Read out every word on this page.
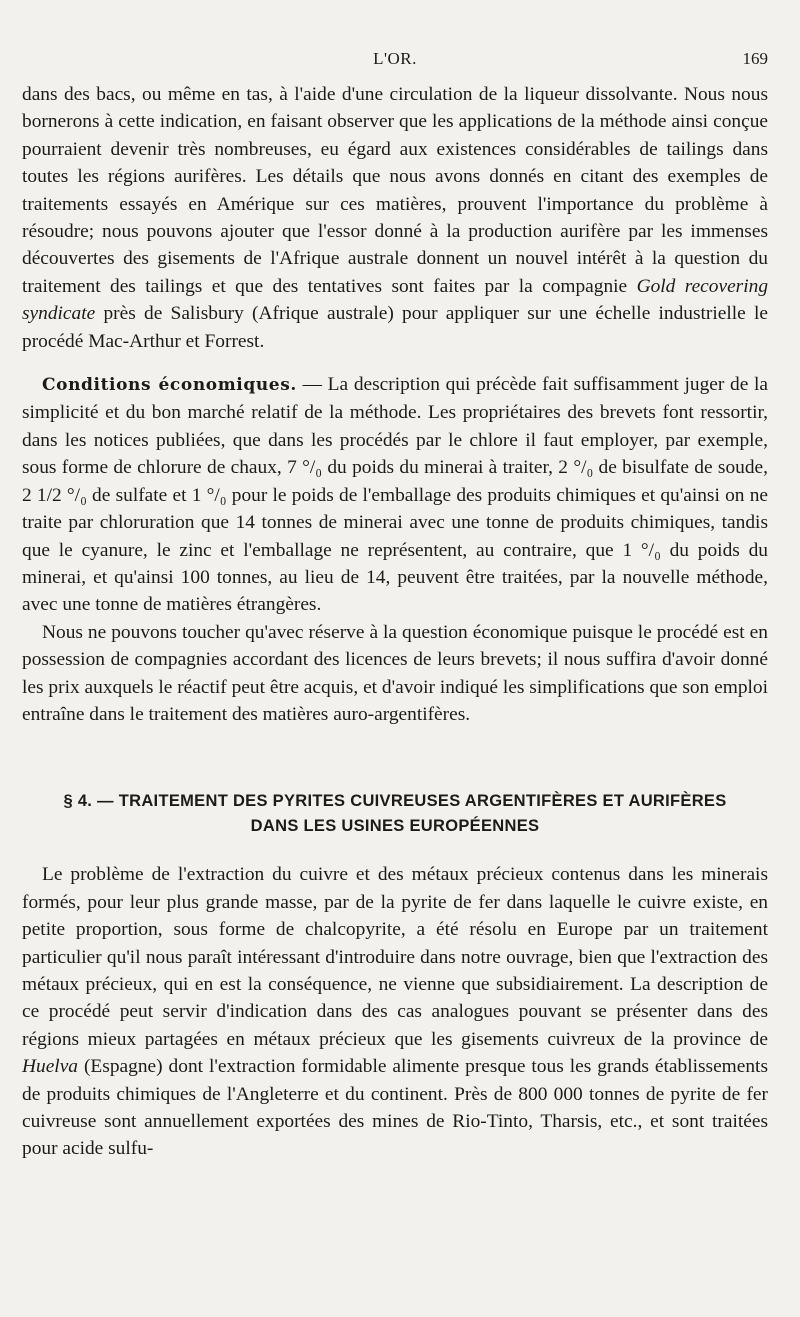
L'OR.	169

dans des bacs, ou même en tas, à l'aide d'une circulation de la liqueur dissolvante. Nous nous bornerons à cette indication, en faisant observer que les applications de la méthode ainsi conçue pourraient devenir très nombreuses, eu égard aux existences considérables de tailings dans toutes les régions aurifères. Les détails que nous avons donnés en citant des exemples de traitements essayés en Amérique sur ces matières, prouvent l'importance du problème à résoudre; nous pouvons ajouter que l'essor donné à la production aurifère par les immenses découvertes des gisements de l'Afrique australe donnent un nouvel intérêt à la question du traitement des tailings et que des tentatives sont faites par la compagnie Gold recovering syndicate près de Salisbury (Afrique australe) pour appliquer sur une échelle industrielle le procédé Mac-Arthur et Forrest.

Conditions économiques. — La description qui précède fait suffisamment juger de la simplicité et du bon marché relatif de la méthode. Les propriétaires des brevets font ressortir, dans les notices publiées, que dans les procédés par le chlore il faut employer, par exemple, sous forme de chlorure de chaux, 7 °/₀ du poids du minerai à traiter, 2 °/₀ de bisulfate de soude, 2 1/2 °/₀ de sulfate et 1 °/₀ pour le poids de l'emballage des produits chimiques et qu'ainsi on ne traite par chloruration que 14 tonnes de minerai avec une tonne de produits chimiques, tandis que le cyanure, le zinc et l'emballage ne représentent, au contraire, que 1 °/₀ du poids du minerai, et qu'ainsi 100 tonnes, au lieu de 14, peuvent être traitées, par la nouvelle méthode, avec une tonne de matières étrangères.

Nous ne pouvons toucher qu'avec réserve à la question économique puisque le procédé est en possession de compagnies accordant des licences de leurs brevets; il nous suffira d'avoir donné les prix auxquels le réactif peut être acquis, et d'avoir indiqué les simplifications que son emploi entraîne dans le traitement des matières auro-argentifères.

§ 4. — TRAITEMENT DES PYRITES CUIVREUSES ARGENTIFÈRES ET AURIFÈRES
DANS LES USINES EUROPÉENNES

Le problème de l'extraction du cuivre et des métaux précieux contenus dans les minerais formés, pour leur plus grande masse, par de la pyrite de fer dans laquelle le cuivre existe, en petite proportion, sous forme de chalcopyrite, a été résolu en Europe par un traitement particulier qu'il nous paraît intéressant d'introduire dans notre ouvrage, bien que l'extraction des métaux précieux, qui en est la conséquence, ne vienne que subsidiairement. La description de ce procédé peut servir d'indication dans des cas analogues pouvant se présenter dans des régions mieux partagées en métaux précieux que les gisements cuivreux de la province de Huelva (Espagne) dont l'extraction formidable alimente presque tous les grands établissements de produits chimiques de l'Angleterre et du continent. Près de 800 000 tonnes de pyrite de fer cuivreuse sont annuellement exportées des mines de Rio-Tinto, Tharsis, etc., et sont traitées pour acide sulfu-
